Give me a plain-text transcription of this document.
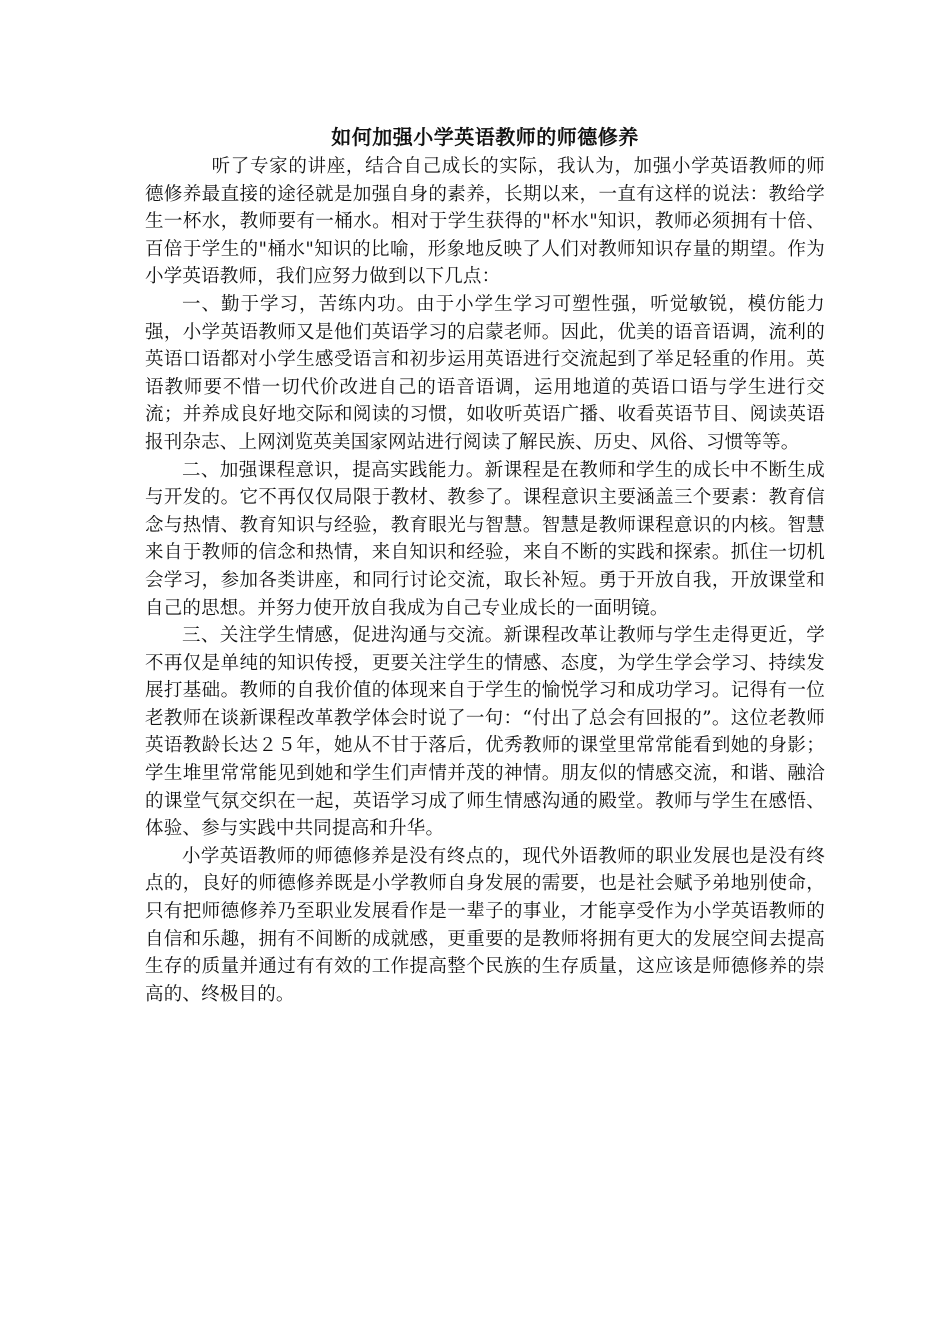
如何加强小学英语教师的师德修养

听了专家的讲座，结合自己成长的实际，我认为，加强小学英语教师的师德修养最直接的途径就是加强自身的素养，长期以来，一直有这样的说法：教给学生一杯水，教师要有一桶水。相对于学生获得的"杯水"知识，教师必须拥有十倍、百倍于学生的"桶水"知识的比喻，形象地反映了人们对教师知识存量的期望。作为小学英语教师，我们应努力做到以下几点：

一、勤于学习，苦练内功。由于小学生学习可塑性强，听觉敏锐，模仿能力强，小学英语教师又是他们英语学习的启蒙老师。因此，优美的语音语调，流利的英语口语都对小学生感受语言和初步运用英语进行交流起到了举足轻重的作用。英语教师要不惜一切代价改进自己的语音语调，运用地道的英语口语与学生进行交流；并养成良好地交际和阅读的习惯，如收听英语广播、收看英语节目、阅读英语报刊杂志、上网浏览英美国家网站进行阅读了解民族、历史、风俗、习惯等等。

二、加强课程意识，提高实践能力。新课程是在教师和学生的成长中不断生成与开发的。它不再仅仅局限于教材、教参了。课程意识主要涵盖三个要素：教育信念与热情、教育知识与经验，教育眼光与智慧。智慧是教师课程意识的内核。智慧来自于教师的信念和热情，来自知识和经验，来自不断的实践和探索。抓住一切机会学习，参加各类讲座，和同行讨论交流，取长补短。勇于开放自我，开放课堂和自己的思想。并努力使开放自我成为自己专业成长的一面明镜。

三、关注学生情感，促进沟通与交流。新课程改革让教师与学生走得更近，学不再仅是单纯的知识传授，更要关注学生的情感、态度，为学生学会学习、持续发展打基础。教师的自我价值的体现来自于学生的愉悦学习和成功学习。记得有一位老教师在谈新课程改革教学体会时说了一句：“付出了总会有回报的”。这位老教师英语教龄长达２５年，她从不甘于落后，优秀教师的课堂里常常能看到她的身影；学生堆里常常能见到她和学生们声情并茂的神情。朋友似的情感交流，和谐、融洽的课堂气氛交织在一起，英语学习成了师生情感沟通的殿堂。教师与学生在感悟、体验、参与实践中共同提高和升华。

小学英语教师的师德修养是没有终点的，现代外语教师的职业发展也是没有终点的，良好的师德修养既是小学教师自身发展的需要，也是社会赋予弟地别使命，只有把师德修养乃至职业发展看作是一辈子的事业，才能享受作为小学英语教师的自信和乐趣，拥有不间断的成就感，更重要的是教师将拥有更大的发展空间去提高生存的质量并通过有有效的工作提高整个民族的生存质量，这应该是师德修养的崇高的、终极目的。
